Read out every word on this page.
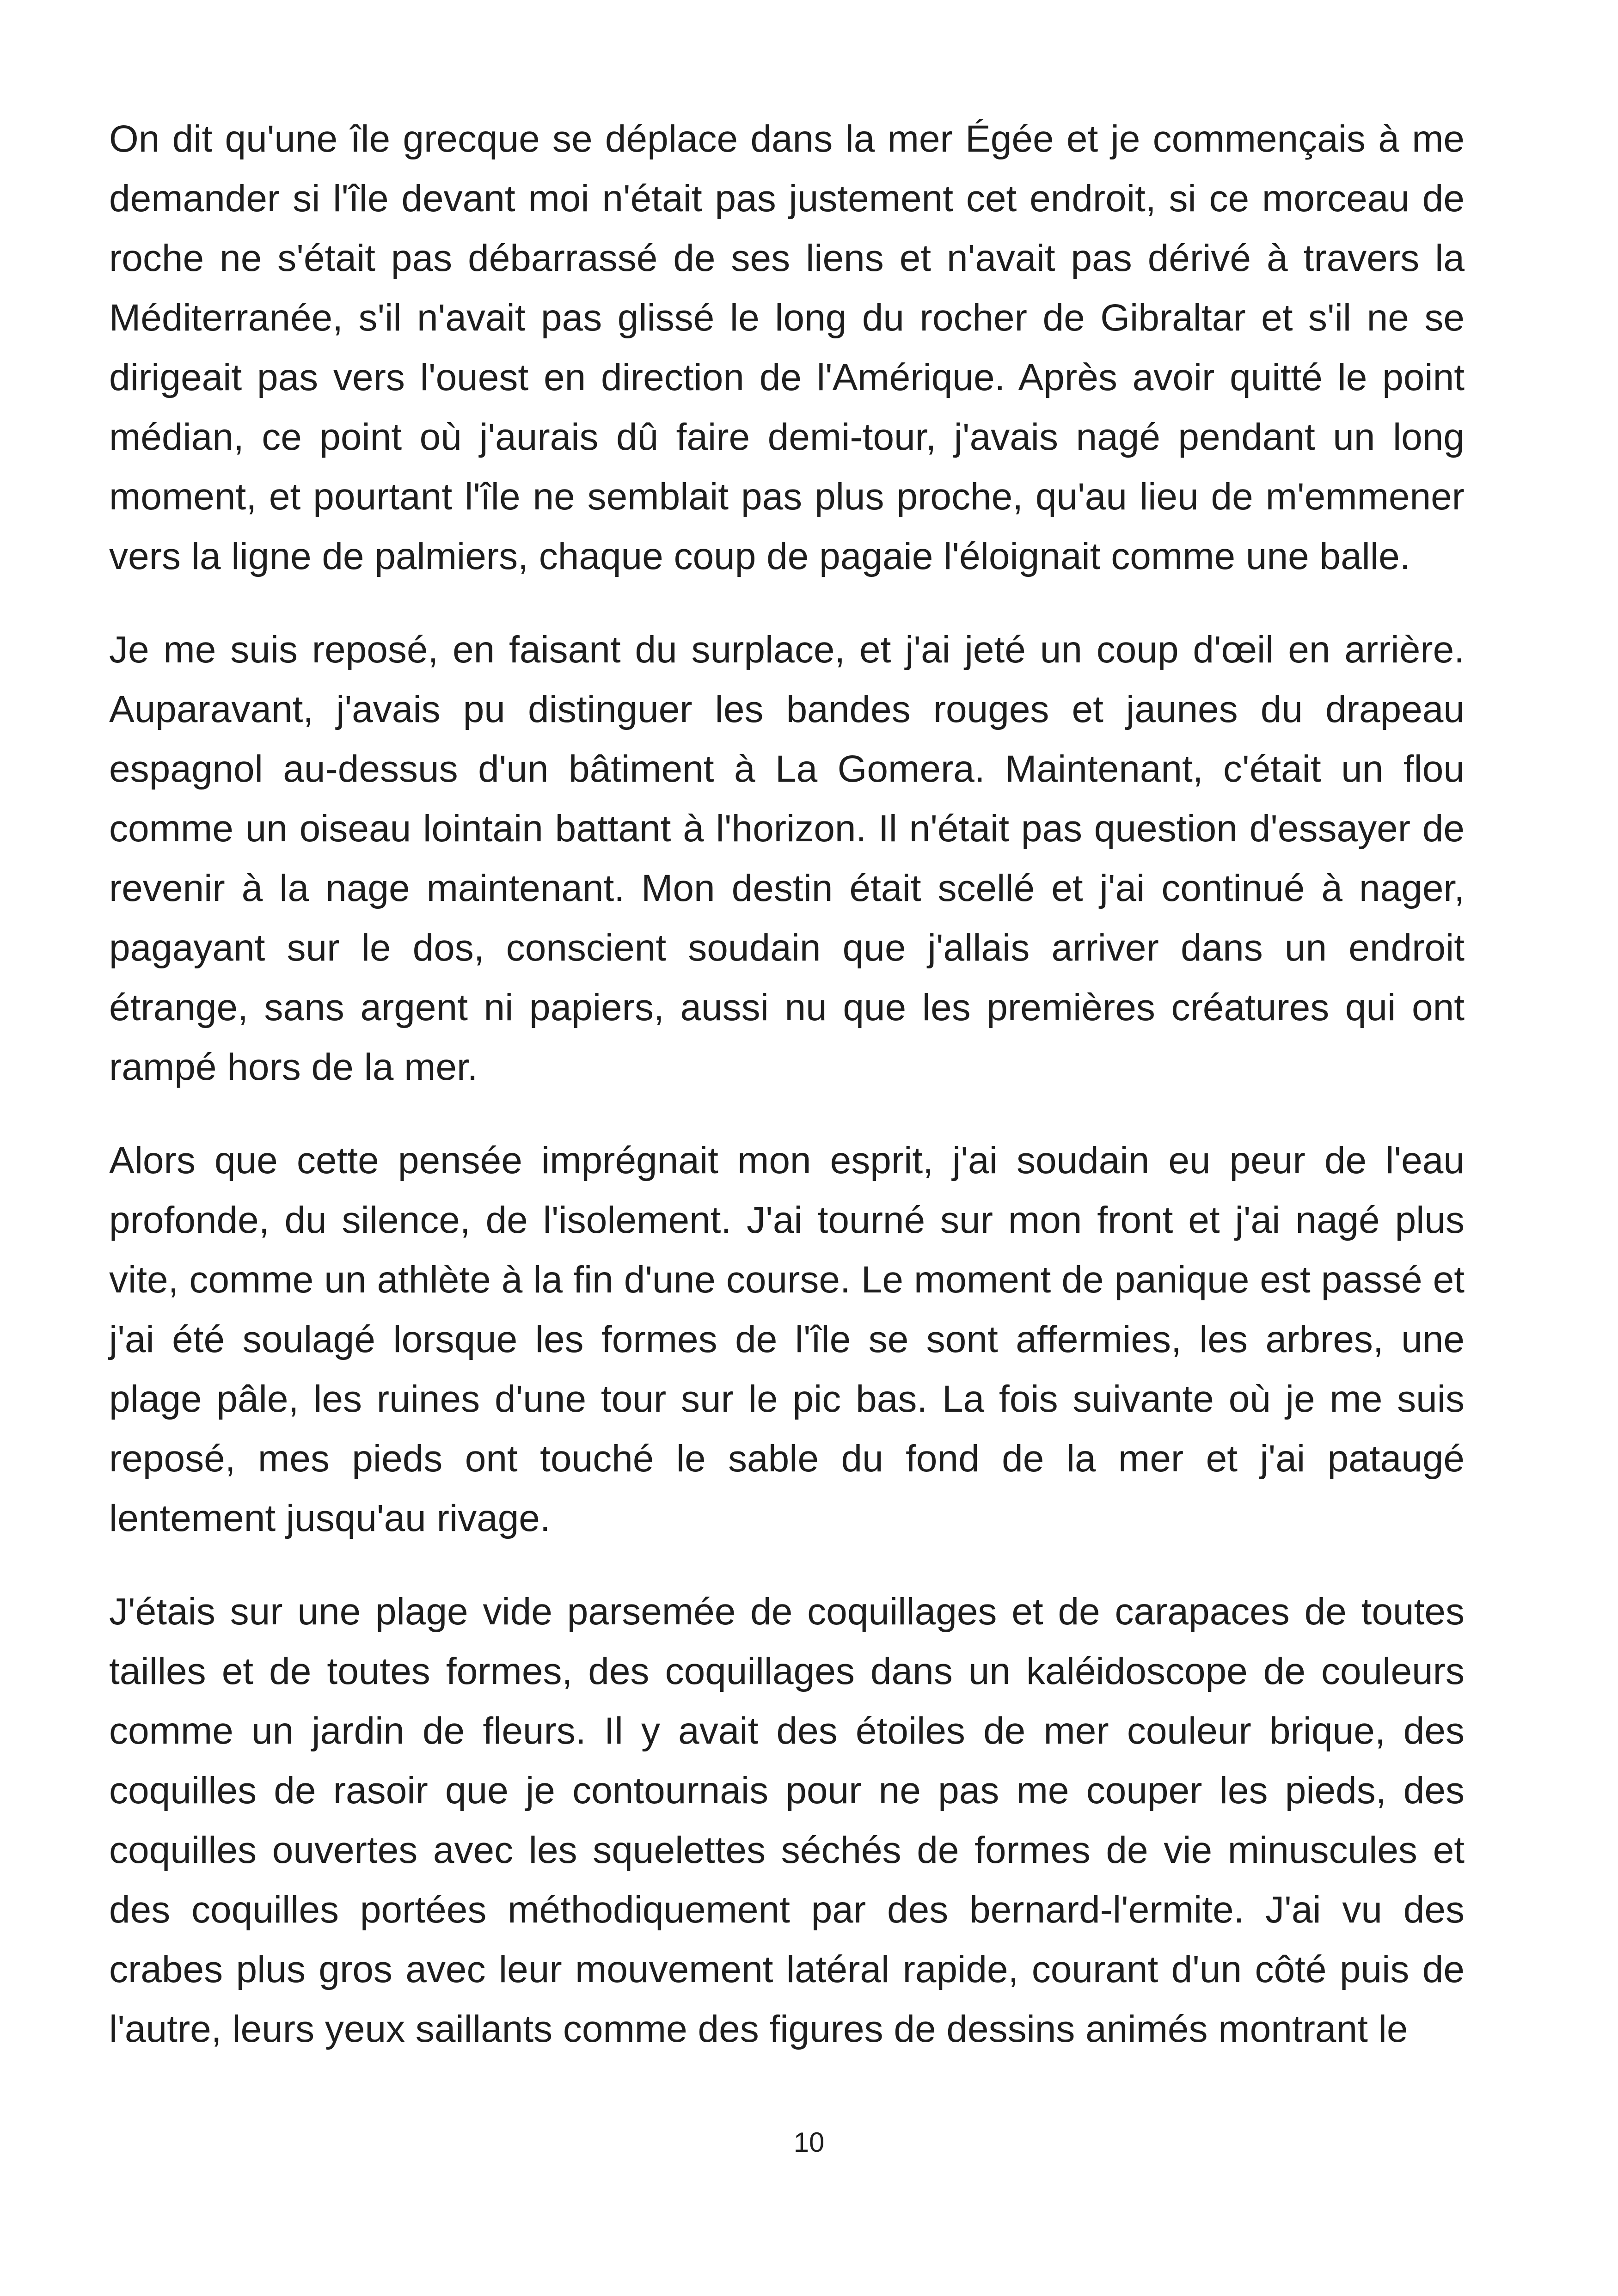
On dit qu'une île grecque se déplace dans la mer Égée et je commençais à me demander si l'île devant moi n'était pas justement cet endroit, si ce morceau de roche ne s'était pas débarrassé de ses liens et n'avait pas dérivé à travers la Méditerranée, s'il n'avait pas glissé le long du rocher de Gibraltar et s'il ne se dirigeait pas vers l'ouest en direction de l'Amérique. Après avoir quitté le point médian, ce point où j'aurais dû faire demi-tour, j'avais nagé pendant un long moment, et pourtant l'île ne semblait pas plus proche, qu'au lieu de m'emmener vers la ligne de palmiers, chaque coup de pagaie l'éloignait comme une balle.

Je me suis reposé, en faisant du surplace, et j'ai jeté un coup d'œil en arrière. Auparavant, j'avais pu distinguer les bandes rouges et jaunes du drapeau espagnol au-dessus d'un bâtiment à La Gomera. Maintenant, c'était un flou comme un oiseau lointain battant à l'horizon. Il n'était pas question d'essayer de revenir à la nage maintenant. Mon destin était scellé et j'ai continué à nager, pagayant sur le dos, conscient soudain que j'allais arriver dans un endroit étrange, sans argent ni papiers, aussi nu que les premières créatures qui ont rampé hors de la mer.

Alors que cette pensée imprégnait mon esprit, j'ai soudain eu peur de l'eau profonde, du silence, de l'isolement. J'ai tourné sur mon front et j'ai nagé plus vite, comme un athlète à la fin d'une course. Le moment de panique est passé et j'ai été soulagé lorsque les formes de l'île se sont affermies, les arbres, une plage pâle, les ruines d'une tour sur le pic bas. La fois suivante où je me suis reposé, mes pieds ont touché le sable du fond de la mer et j'ai pataugé lentement jusqu'au rivage.

J'étais sur une plage vide parsemée de coquillages et de carapaces de toutes tailles et de toutes formes, des coquillages dans un kaléidoscope de couleurs comme un jardin de fleurs. Il y avait des étoiles de mer couleur brique, des coquilles de rasoir que je contournais pour ne pas me couper les pieds, des coquilles ouvertes avec les squelettes séchés de formes de vie minuscules et des coquilles portées méthodiquement par des bernard-l'ermite. J'ai vu des crabes plus gros avec leur mouvement latéral rapide, courant d'un côté puis de l'autre, leurs yeux saillants comme des figures de dessins animés montrant le

10
